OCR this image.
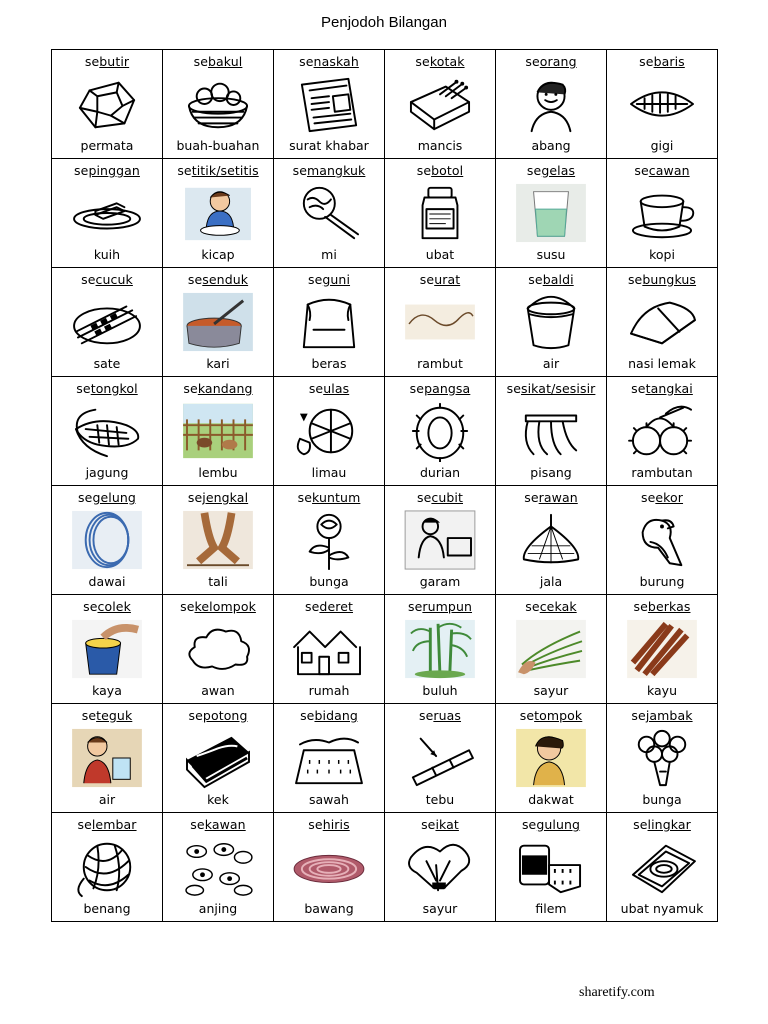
Penjodoh Bilangan
sebutir
permata
sebakul
buah-buahan
senaskah
surat khabar
sekotak
mancis
seorang
abang
sebaris
gigi
sepinggan
kuih
setitik/setitis
kicap
semangkuk
mi
sebotol
ubat
segelas
susu
secawan
kopi
secucuk
sate
sesenduk
kari
seguni
beras
seurat
rambut
sebaldi
air
sebungkus
nasi lemak
setongkol
jagung
sekandang
lembu
seulas
limau
sepangsa
durian
sesikat/sesisir
pisang
setangkai
rambutan
segelung
dawai
sejengkal
tali
sekuntum
bunga
secubit
garam
serawan
jala
seekor
burung
secolek
kaya
sekelompok
awan
sederet
rumah
serumpun
buluh
secekak
sayur
seberkas
kayu
seteguk
air
sepotong
kek
sebidang
sawah
seruas
tebu
setompok
dakwat
sejambak
bunga
selembar
benang
sekawan
anjing
sehiris
bawang
seikat
sayur
segulung
filem
selingkar
ubat nyamuk
sharetify.com
